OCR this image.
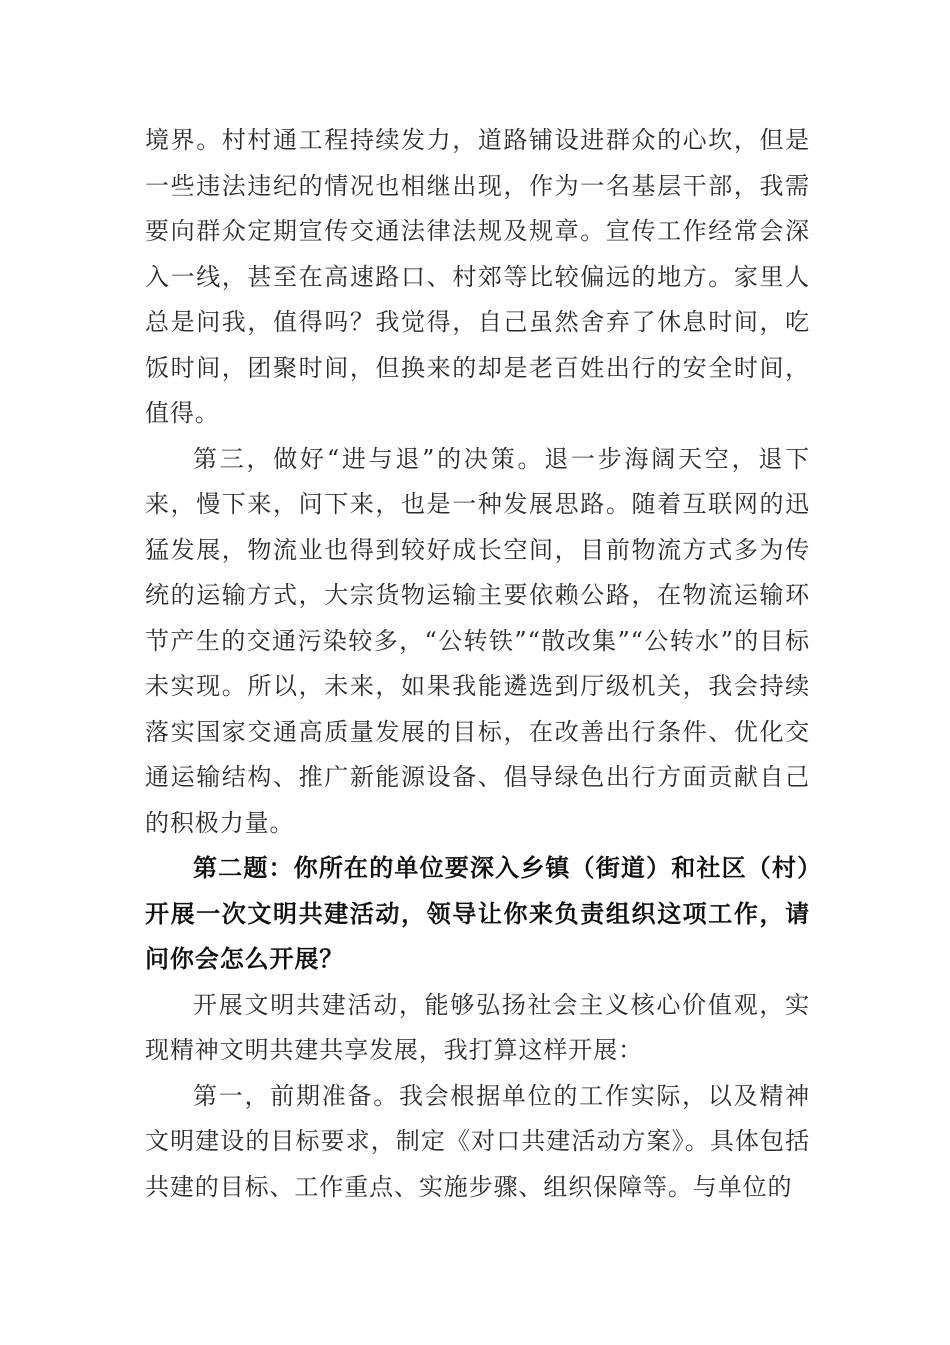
境界。村村通工程持续发力，道路铺设进群众的心坎，但是一些违法违纪的情况也相继出现，作为一名基层干部，我需要向群众定期宣传交通法律法规及规章。宣传工作经常会深入一线，甚至在高速路口、村郊等比较偏远的地方。家里人总是问我，值得吗？我觉得，自己虽然舍弃了休息时间，吃饭时间，团聚时间，但换来的却是老百姓出行的安全时间，值得。

第三，做好“进与退”的决策。退一步海阔天空，退下来，慢下来，问下来，也是一种发展思路。随着互联网的迅猛发展，物流业也得到较好成长空间，目前物流方式多为传统的运输方式，大宗货物运输主要依赖公路，在物流运输环节产生的交通污染较多，“公转铁”“散改集”“公转水”的目标未实现。所以，未来，如果我能遴选到厅级机关，我会持续落实国家交通高质量发展的目标，在改善出行条件、优化交通运输结构、推广新能源设备、倡导绿色出行方面贡献自己的积极力量。

第二题：你所在的单位要深入乡镇（街道）和社区（村）开展一次文明共建活动，领导让你来负责组织这项工作，请问你会怎么开展？

开展文明共建活动，能够弘扬社会主义核心价值观，实现精神文明共建共享发展，我打算这样开展：

第一，前期准备。我会根据单位的工作实际，以及精神文明建设的目标要求，制定《对口共建活动方案》。具体包括共建的目标、工作重点、实施步骤、组织保障等。与单位的
